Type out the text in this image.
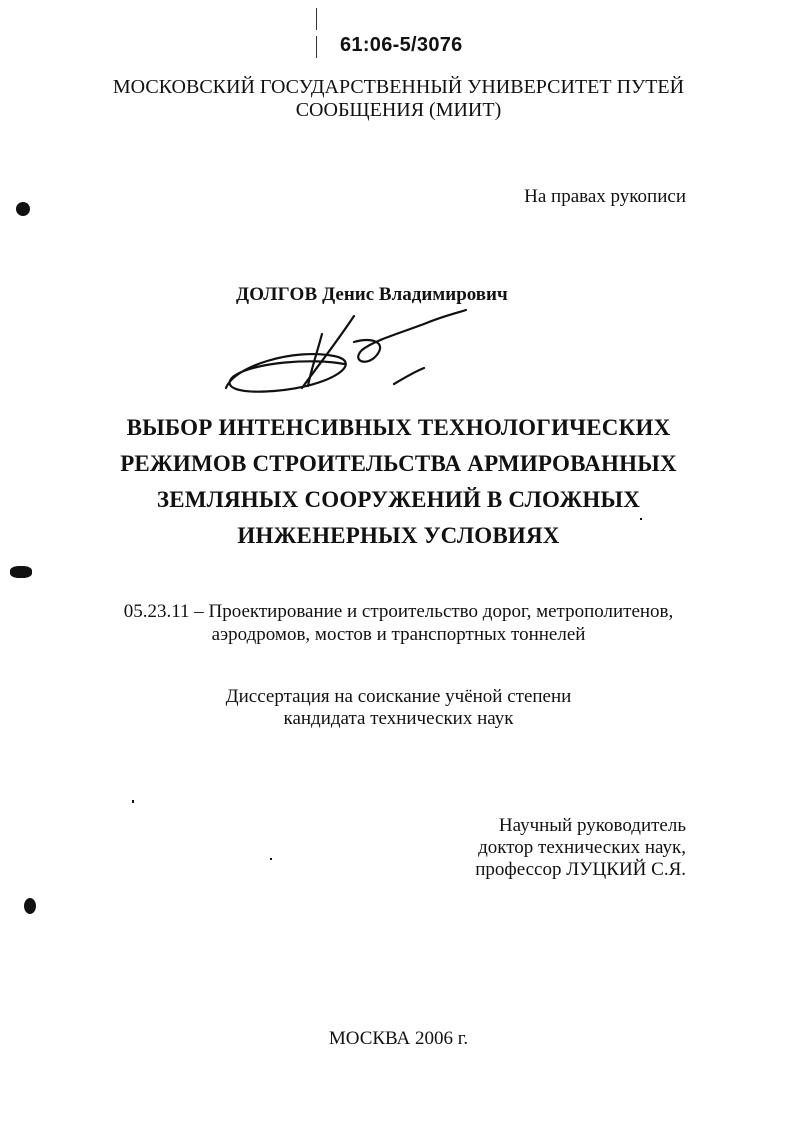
61:06-5/3076
МОСКОВСКИЙ ГОСУДАРСТВЕННЫЙ УНИВЕРСИТЕТ ПУТЕЙ
СООБЩЕНИЯ (МИИТ)
На правах рукописи
ДОЛГОВ Денис Владимирович
ВЫБОР ИНТЕНСИВНЫХ ТЕХНОЛОГИЧЕСКИХ
РЕЖИМОВ СТРОИТЕЛЬСТВА АРМИРОВАННЫХ
ЗЕМЛЯНЫХ СООРУЖЕНИЙ В СЛОЖНЫХ
ИНЖЕНЕРНЫХ УСЛОВИЯХ
05.23.11 – Проектирование и строительство дорог, метрополитенов,
аэродромов, мостов и транспортных тоннелей
Диссертация на соискание учёной степени
кандидата технических наук
Научный руководитель
доктор технических наук,
профессор ЛУЦКИЙ С.Я.
МОСКВА 2006 г.
